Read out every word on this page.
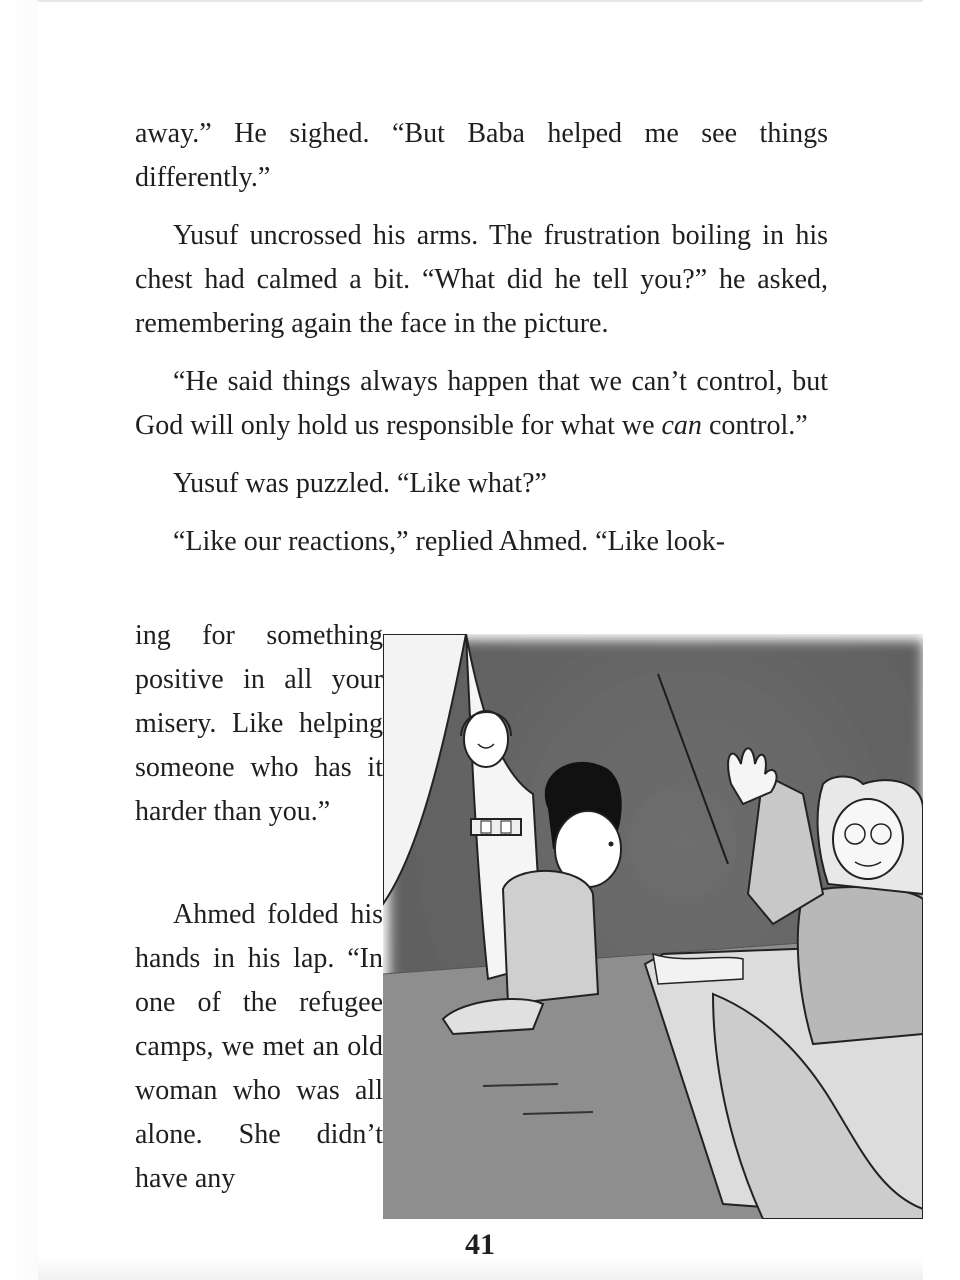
away.” He sighed. “But Baba helped me see things differently.”

Yusuf uncrossed his arms. The frustration boiling in his chest had calmed a bit. “What did he tell you?” he asked, remembering again the face in the picture.

“He said things always happen that we can’t control, but God will only hold us responsible for what we can control.”

Yusuf was puzzled. “Like what?”

“Like our reactions,” replied Ahmed. “Like look-

ing for something positive in all your misery. Like helping someone who has it harder than you.”

Ahmed folded his hands in his lap. “In one of the refugee camps, we met an old woman who was all alone. She didn’t have any

41
